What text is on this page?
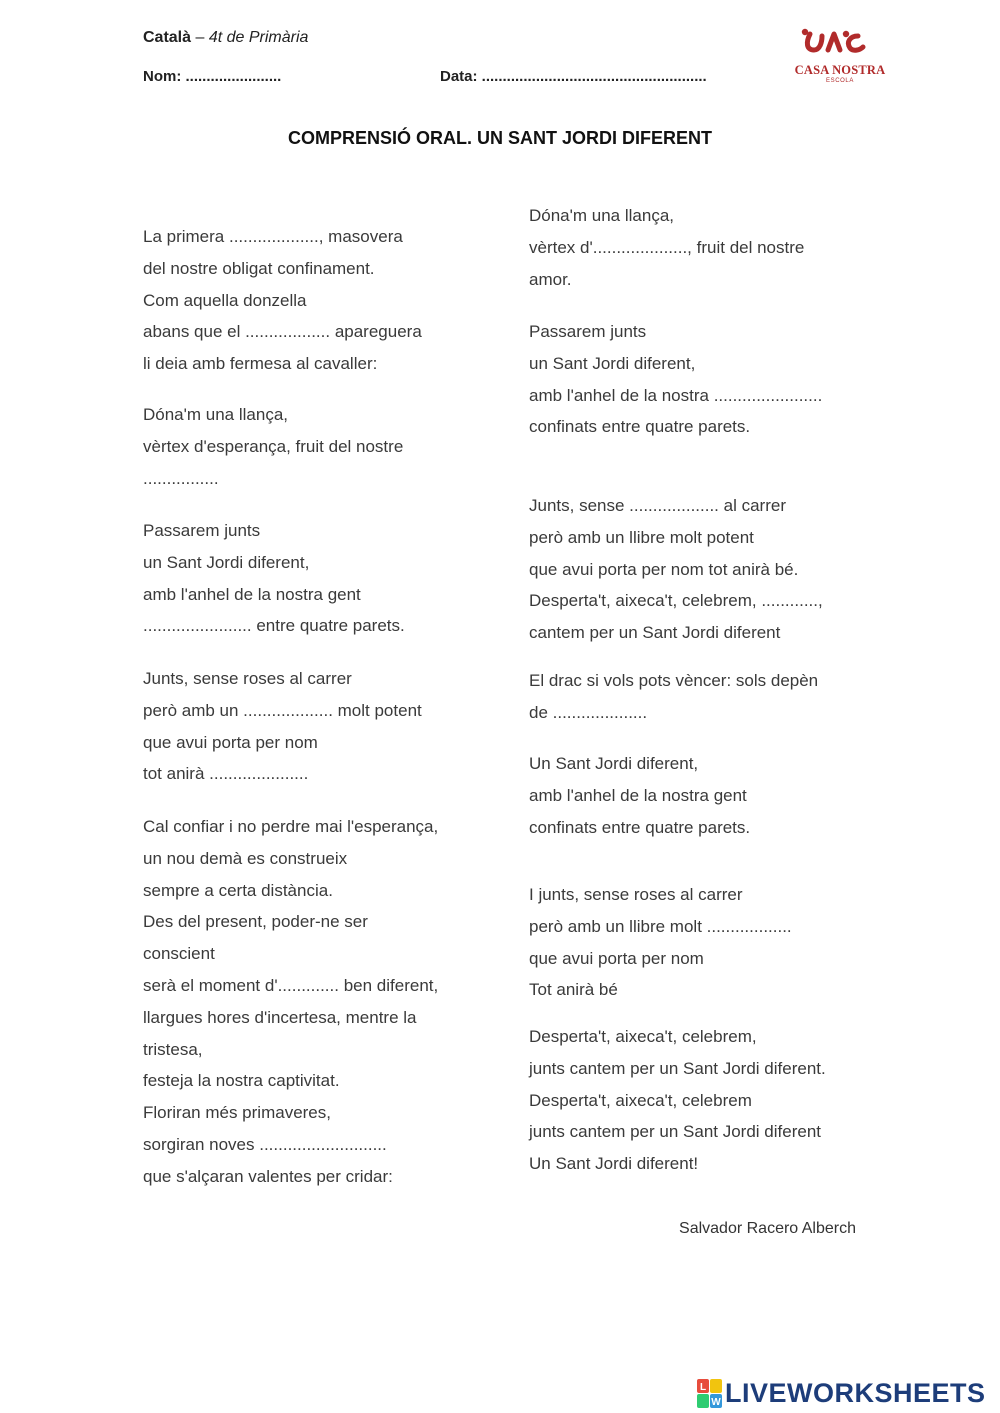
Català – 4t de Primària
Nom: .......................	Data: ......................................................	CASA NOSTRA
ESCOLA
COMPRENSIÓ ORAL. UN SANT JORDI DIFERENT
La primera ..................., masovera
del nostre obligat confinament.
Com aquella donzella
abans que el .................. apareguera
li deia amb fermesa al cavaller:
Dóna'm una llança,
vèrtex d'esperança, fruit del nostre
................
Passarem junts
un Sant Jordi diferent,
amb l'anhel de la nostra gent
....................... entre quatre parets.
Junts, sense roses al carrer
però amb un ................... molt potent
que avui porta per nom
tot anirà .....................
Cal confiar i no perdre mai l'esperança,
un nou demà es construeix
sempre a certa distància.
Des del present, poder-ne ser
conscient
serà el moment d'............. ben diferent,
llargues hores d'incertesa, mentre la
tristesa,
festeja la nostra captivitat.
Floriran més primaveres,
sorgiran noves ...........................
que s'alçaran valentes per cridar:
Dóna'm una llança,
vèrtex d'...................., fruit del nostre
amor.
Passarem junts
un Sant Jordi diferent,
amb l'anhel de la nostra .......................
confinats entre quatre parets.
Junts, sense ................... al carrer
però amb un llibre molt potent
que avui porta per nom tot anirà bé.
Desperta't, aixeca't, celebrem, ............,
cantem per un Sant Jordi diferent
El drac si vols pots vèncer: sols depèn
de ....................
Un Sant Jordi diferent,
amb l'anhel de la nostra gent
confinats entre quatre parets.
I junts, sense roses al carrer
però amb un llibre molt ..................
que avui porta per nom
Tot anirà bé
Desperta't, aixeca't, celebrem,
junts cantem per un Sant Jordi diferent.
Desperta't, aixeca't, celebrem
junts cantem per un Sant Jordi diferent
Un Sant Jordi diferent!
Salvador Racero Alberch
L
W LIVEWORKSHEETS
